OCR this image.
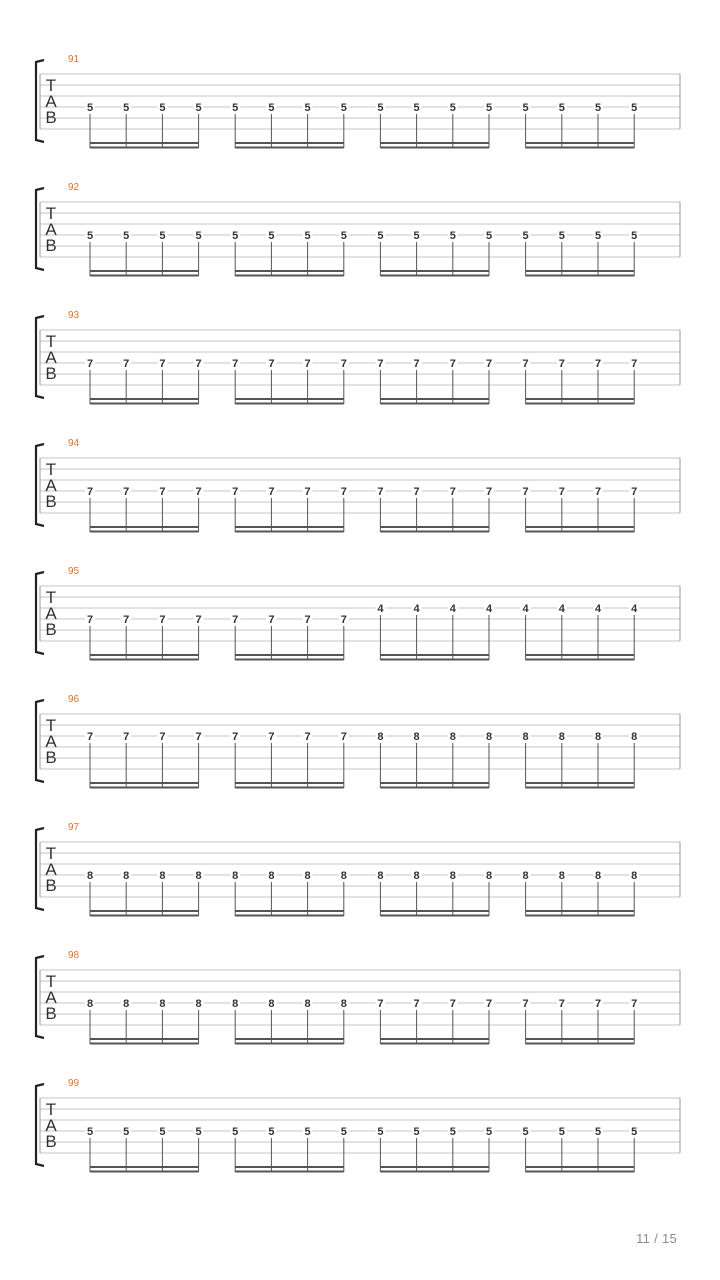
91
T
A
B	5	5	5	5	5	5	5	5	5	5	5	5	5	5	5	5
92
T
A
B	5	5	5	5	5	5	5	5	5	5	5	5	5	5	5	5
93
T
A
B	7	7	7	7	7	7	7	7	7	7	7	7	7	7	7	7
94
T
A
B	7	7	7	7	7	7	7	7	7	7	7	7	7	7	7	7
95
T
A
B	7	7	7	7	7	7	7	7
4	4	4	4	4	4	4	4
96
T
A
B
7	7	7	7	7	7	7	7	8	8	8	8	8	8	8	8
97
T
A
B	8	8	8	8	8	8	8	8	8	8	8	8	8	8	8	8
98
T
A
B	8	8	8	8	8	8	8	8	7	7	7	7	7	7	7	7
99
T
A
B	5	5	5	5	5	5	5	5	5	5	5	5	5	5	5	5
11 / 15
